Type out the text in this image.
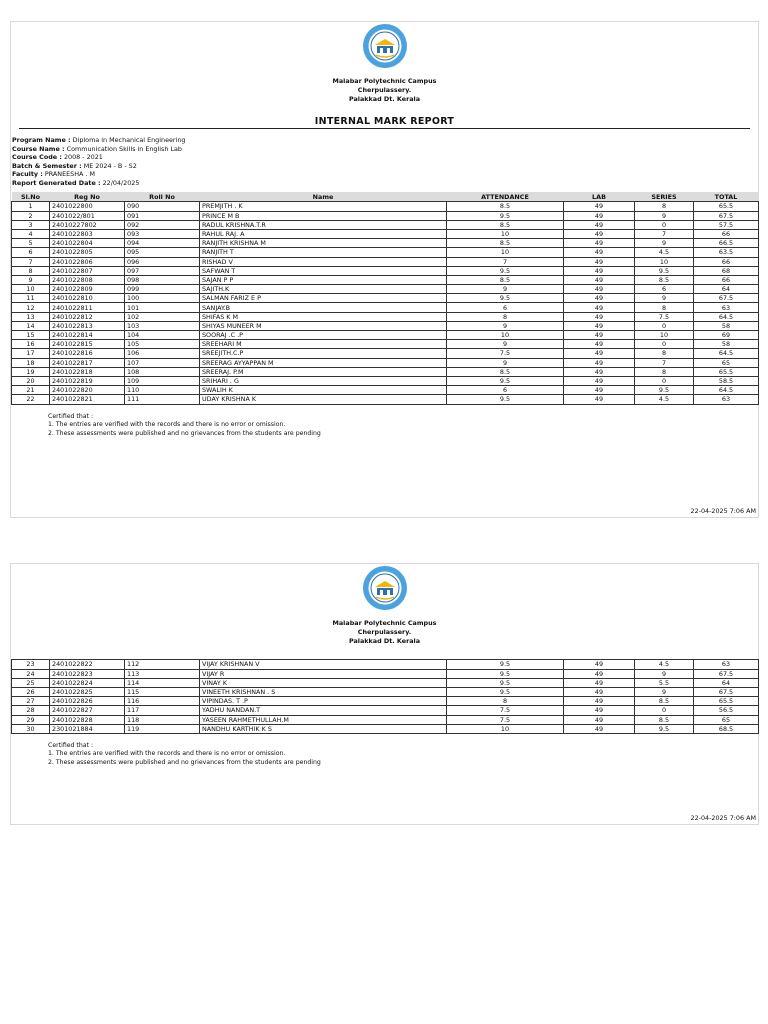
Malabar Polytechnic Campus
Cherpulassery.
Palakkad Dt. Kerala
INTERNAL MARK REPORT
Program Name : Diploma in Mechanical Engineering
Course Name : Communication Skills in English Lab
Course Code : 2008 - 2021
Batch & Semester : ME 2024 - B - S2
Faculty : PRANEESHA . M
Report Generated Date : 22/04/2025
Sl.No	Reg No	Roll No	Name	ATTENDANCE	LAB	SERIES	TOTAL
1	2401022800	090	PREMJITH . K	8.5	49	8	65.5
2	2401022/801	091	PRINCE M B	9.5	49	9	67.5
3	24010227802	092	RADUL KRISHNA.T.R	8.5	49	0	57.5
4	2401022803	093	RAHUL RAJ. A	10	49	7	66
5	2401022804	094	RANJITH KRISHNA M	8.5	49	9	66.5
6	2401022805	095	RANJITH T	10	49	4.5	63.5
7	2401022806	096	RISHAD V	7	49	10	66
8	2401022807	097	SAFWAN T	9.5	49	9.5	68
9	2401022808	098	SAJAN P P	8.5	49	8.5	66
10	2401022809	099	SAJITH.K	9	49	6	64
11	2401022810	100	SALMAN FARIZ E P	9.5	49	9	67.5
12	2401022811	101	SANJAY.B	6	49	8	63
13	2401022812	102	SHIFAS K M	8	49	7.5	64.5
14	2401022813	103	SHIYAS MUNEER M	9	49	0	58
15	2401022814	104	SOORAJ .C .P	10	49	10	69
16	2401022815	105	SREEHARI M	9	49	0	58
17	2401022816	106	SREEJITH.C.P	7.5	49	8	64.5
18	2401022817	107	SREERAG AYYAPPAN M	9	49	7	65
19	2401022818	108	SREERAJ. P.M	8.5	49	8	65.5
20	2401022819	109	SRIHARI . G	9.5	49	0	58.5
21	2401022820	110	SWALIH K	6	49	9.5	64.5
22	2401022821	111	UDAY KRISHNA K	9.5	49	4.5	63
Certified that :
1. The entries are verified with the records and there is no error or omission.
2. These assessments were published and no grievances from the students are pending
22-04-2025 7:06 AM
Malabar Polytechnic Campus
Cherpulassery.
Palakkad Dt. Kerala
23	2401022822	112	VIJAY KRISHNAN V	9.5	49	4.5	63
24	2401022823	113	VIJAY R	9.5	49	9	67.5
25	2401022824	114	VINAY K	9.5	49	5.5	64
26	2401022825	115	VINEETH KRISHNAN . S	9.5	49	9	67.5
27	2401022826	116	VIPINDAS. T .P	8	49	8.5	65.5
28	2401022827	117	YADHU NANDAN.T	7.5	49	0	56.5
29	2401022828	118	YASEEN RAHMETHULLAH.M	7.5	49	8.5	65
30	2301021884	119	NANDHU KARTHIK K S	10	49	9.5	68.5
Certified that :
1. The entries are verified with the records and there is no error or omission.
2. These assessments were published and no grievances from the students are pending
22-04-2025 7:06 AM
